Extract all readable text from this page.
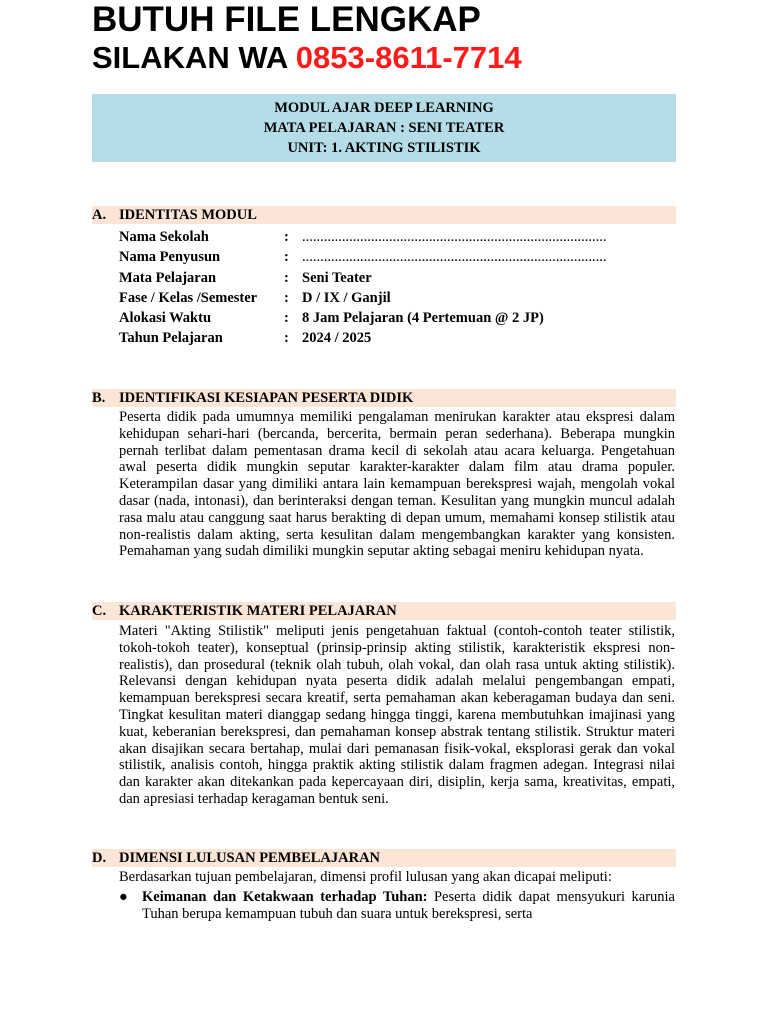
BUTUH FILE LENGKAP
SILAKAN WA 0853-8611-7714
MODUL AJAR DEEP LEARNING
MATA PELAJARAN : SENI TEATER
UNIT: 1. AKTING STILISTIK
A. IDENTITAS MODUL
Nama Sekolah	: ....................................................................................
Nama Penyusun	: ....................................................................................
Mata Pelajaran	: Seni Teater
Fase / Kelas /Semester : D / IX / Ganjil
Alokasi Waktu	: 8 Jam Pelajaran (4 Pertemuan @ 2 JP)
Tahun Pelajaran	: 2024 / 2025
B. IDENTIFIKASI KESIAPAN PESERTA DIDIK
Peserta didik pada umumnya memiliki pengalaman menirukan karakter atau ekspresi dalam kehidupan sehari-hari (bercanda, bercerita, bermain peran sederhana). Beberapa mungkin pernah terlibat dalam pementasan drama kecil di sekolah atau acara keluarga. Pengetahuan awal peserta didik mungkin seputar karakter-karakter dalam film atau drama populer. Keterampilan dasar yang dimiliki antara lain kemampuan berekspresi wajah, mengolah vokal dasar (nada, intonasi), dan berinteraksi dengan teman. Kesulitan yang mungkin muncul adalah rasa malu atau canggung saat harus berakting di depan umum, memahami konsep stilistik atau non-realistis dalam akting, serta kesulitan dalam mengembangkan karakter yang konsisten. Pemahaman yang sudah dimiliki mungkin seputar akting sebagai meniru kehidupan nyata.
C. KARAKTERISTIK MATERI PELAJARAN
Materi "Akting Stilistik" meliputi jenis pengetahuan faktual (contoh-contoh teater stilistik, tokoh-tokoh teater), konseptual (prinsip-prinsip akting stilistik, karakteristik ekspresi non-realistis), dan prosedural (teknik olah tubuh, olah vokal, dan olah rasa untuk akting stilistik). Relevansi dengan kehidupan nyata peserta didik adalah melalui pengembangan empati, kemampuan berekspresi secara kreatif, serta pemahaman akan keberagaman budaya dan seni. Tingkat kesulitan materi dianggap sedang hingga tinggi, karena membutuhkan imajinasi yang kuat, keberanian berekspresi, dan pemahaman konsep abstrak tentang stilistik. Struktur materi akan disajikan secara bertahap, mulai dari pemanasan fisik-vokal, eksplorasi gerak dan vokal stilistik, analisis contoh, hingga praktik akting stilistik dalam fragmen adegan. Integrasi nilai dan karakter akan ditekankan pada kepercayaan diri, disiplin, kerja sama, kreativitas, empati, dan apresiasi terhadap keragaman bentuk seni.
D. DIMENSI LULUSAN PEMBELAJARAN
Berdasarkan tujuan pembelajaran, dimensi profil lulusan yang akan dicapai meliputi:
● Keimanan dan Ketakwaan terhadap Tuhan: Peserta didik dapat mensyukuri karunia Tuhan berupa kemampuan tubuh dan suara untuk berekspresi, serta
